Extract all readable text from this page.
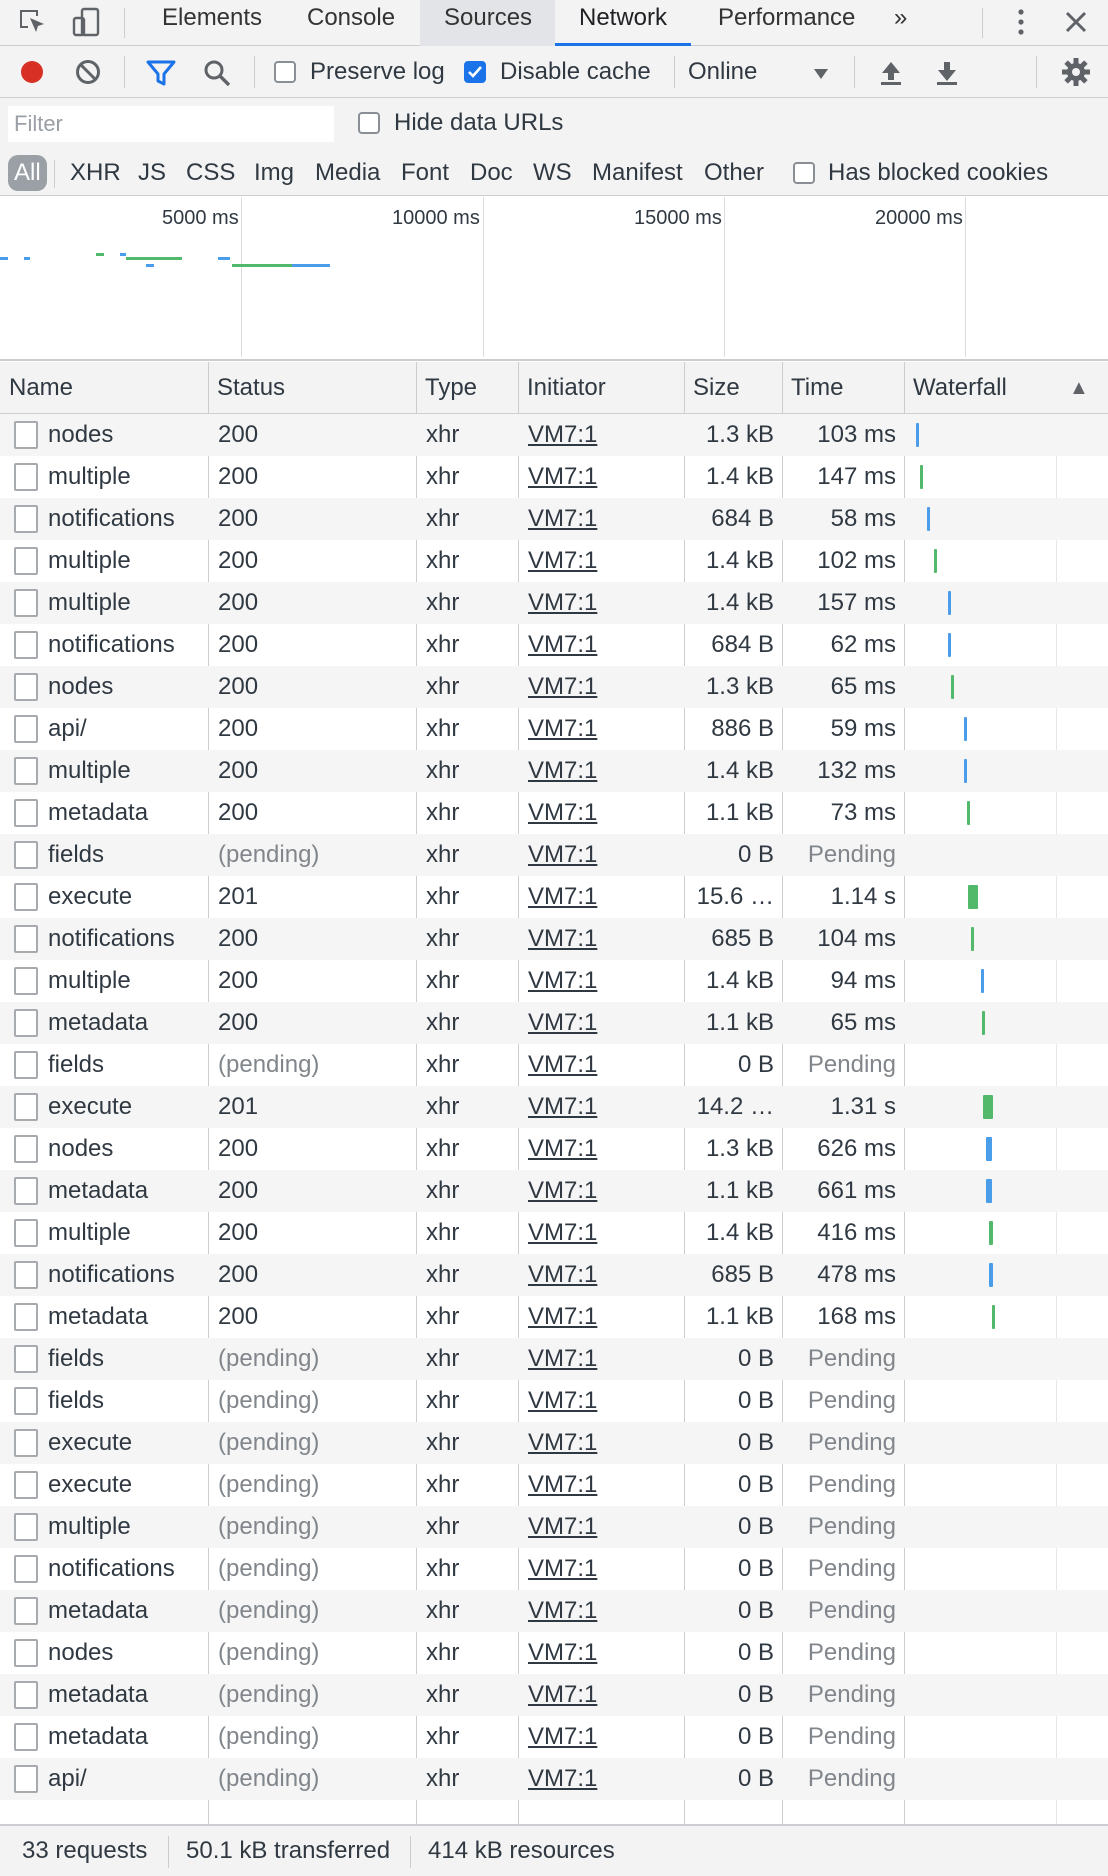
Elements	Console	Sources	Network	Performance	»
Preserve log Disable cache Online
Filter
Hide data URLs
All XHR JS CSS Img Media Font Doc WS Manifest Other	Has blocked cookies
5000 ms	10000 ms	15000 ms	20000 ms
nodes	200	xhr	VM7:1	1.3 kB	103 ms
multiple	200	xhr	VM7:1	1.4 kB	147 ms
notifications	200	xhr	VM7:1	684 B	58 ms
multiple	200	xhr	VM7:1	1.4 kB	102 ms
multiple	200	xhr	VM7:1	1.4 kB	157 ms
notifications	200	xhr	VM7:1	684 B	62 ms
nodes	200	xhr	VM7:1	1.3 kB	65 ms
api/	200	xhr	VM7:1	886 B	59 ms
multiple	200	xhr	VM7:1	1.4 kB	132 ms
metadata	200	xhr	VM7:1	1.1 kB	73 ms
fields	(pending)	xhr	VM7:1	0 B	Pending
execute	201	xhr	VM7:1	15.6 …	1.14 s
notifications	200	xhr	VM7:1	685 B	104 ms
multiple	200	xhr	VM7:1	1.4 kB	94 ms
metadata	200	xhr	VM7:1	1.1 kB	65 ms
fields	(pending)	xhr	VM7:1	0 B	Pending
execute	201	xhr	VM7:1	14.2 …	1.31 s
nodes	200	xhr	VM7:1	1.3 kB	626 ms
metadata	200	xhr	VM7:1	1.1 kB	661 ms
multiple	200	xhr	VM7:1	1.4 kB	416 ms
notifications	200	xhr	VM7:1	685 B	478 ms
metadata	200	xhr	VM7:1	1.1 kB	168 ms
fields	(pending)	xhr	VM7:1	0 B	Pending
fields	(pending)	xhr	VM7:1	0 B	Pending
execute	(pending)	xhr	VM7:1	0 B	Pending
execute	(pending)	xhr	VM7:1	0 B	Pending
multiple	(pending)	xhr	VM7:1	0 B	Pending
notifications	(pending)	xhr	VM7:1	0 B	Pending
metadata	(pending)	xhr	VM7:1	0 B	Pending
nodes	(pending)	xhr	VM7:1	0 B	Pending
metadata	(pending)	xhr	VM7:1	0 B	Pending
metadata	(pending)	xhr	VM7:1	0 B	Pending
api/	(pending)	xhr	VM7:1	0 B	Pending
Name	Status	Type	Initiator	Size	Time	Waterfall	▲
33 requests 50.1 kB transferred 414 kB resources
